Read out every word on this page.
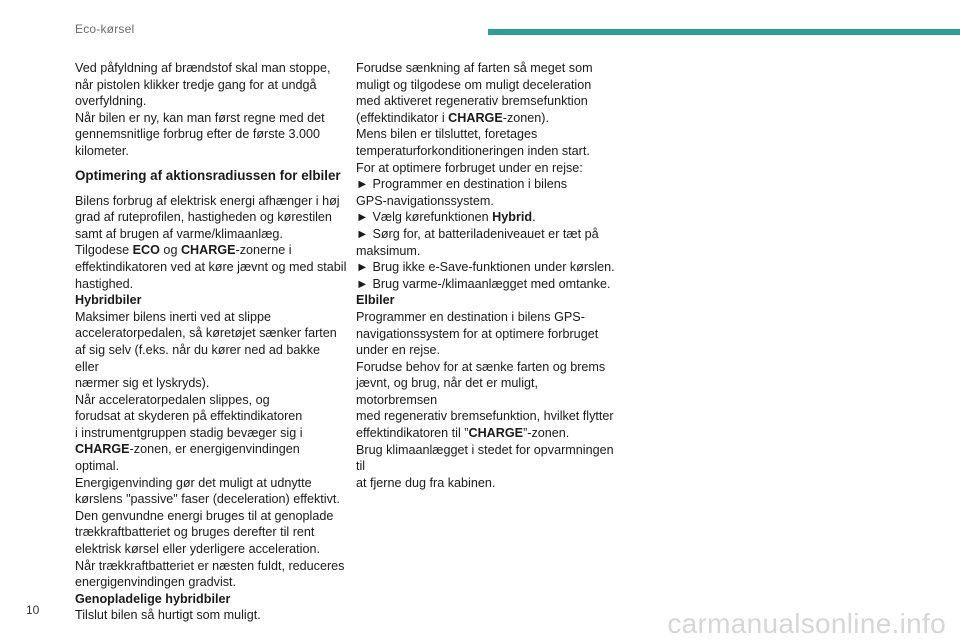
Eco-kørsel

Ved påfyldning af brændstof skal man stoppe,
når pistolen klikker tredje gang for at undgå
overfyldning.
Når bilen er ny, kan man først regne med det
gennemsnitlige forbrug efter de første 3.000
kilometer.

Optimering af aktionsradiussen for elbiler

Bilens forbrug af elektrisk energi afhænger i høj
grad af ruteprofilen, hastigheden og kørestilen
samt af brugen af varme/klimaanlæg.
Tilgodese ECO og CHARGE-zonerne i
effektindikatoren ved at køre jævnt og med stabil
hastighed.
Hybridbiler
Maksimer bilens inerti ved at slippe
acceleratorpedalen, så køretøjet sænker farten
af sig selv (f.eks. når du kører ned ad bakke eller
nærmer sig et lyskryds).
Når acceleratorpedalen slippes, og
forudsat at skyderen på effektindikatoren
i instrumentgruppen stadig bevæger sig i
CHARGE-zonen, er energigenvindingen optimal.
Energigenvinding gør det muligt at udnytte
kørslens "passive" faser (deceleration) effektivt.
Den genvundne energi bruges til at genoplade
trækkraftbatteriet og bruges derefter til rent
elektrisk kørsel eller yderligere acceleration.
Når trækkraftbatteriet er næsten fuldt, reduceres
energigenvindingen gradvist.
Genopladelige hybridbiler
Tilslut bilen så hurtigt som muligt.

Forudse sænkning af farten så meget som
muligt og tilgodese om muligt deceleration
med aktiveret regenerativ bremsefunktion
(effektindikator i CHARGE-zonen).
Mens bilen er tilsluttet, foretages
temperaturforkonditioneringen inden start.
For at optimere forbruget under en rejse:
► Programmer en destination i bilens
GPS-navigationssystem.
► Vælg kørefunktionen Hybrid.
► Sørg for, at batteriladeniveauet er tæt på
maksimum.
► Brug ikke e-Save-funktionen under kørslen.
► Brug varme-/klimaanlægget med omtanke.
Elbiler
Programmer en destination i bilens GPS-
navigationssystem for at optimere forbruget
under en rejse.
Forudse behov for at sænke farten og brems
jævnt, og brug, når det er muligt, motorbremsen
med regenerativ bremsefunktion, hvilket flytter
effektindikatoren til ”CHARGE”-zonen.
Brug klimaanlægget i stedet for opvarmningen til
at fjerne dug fra kabinen.

10	carmanualsonline.info
